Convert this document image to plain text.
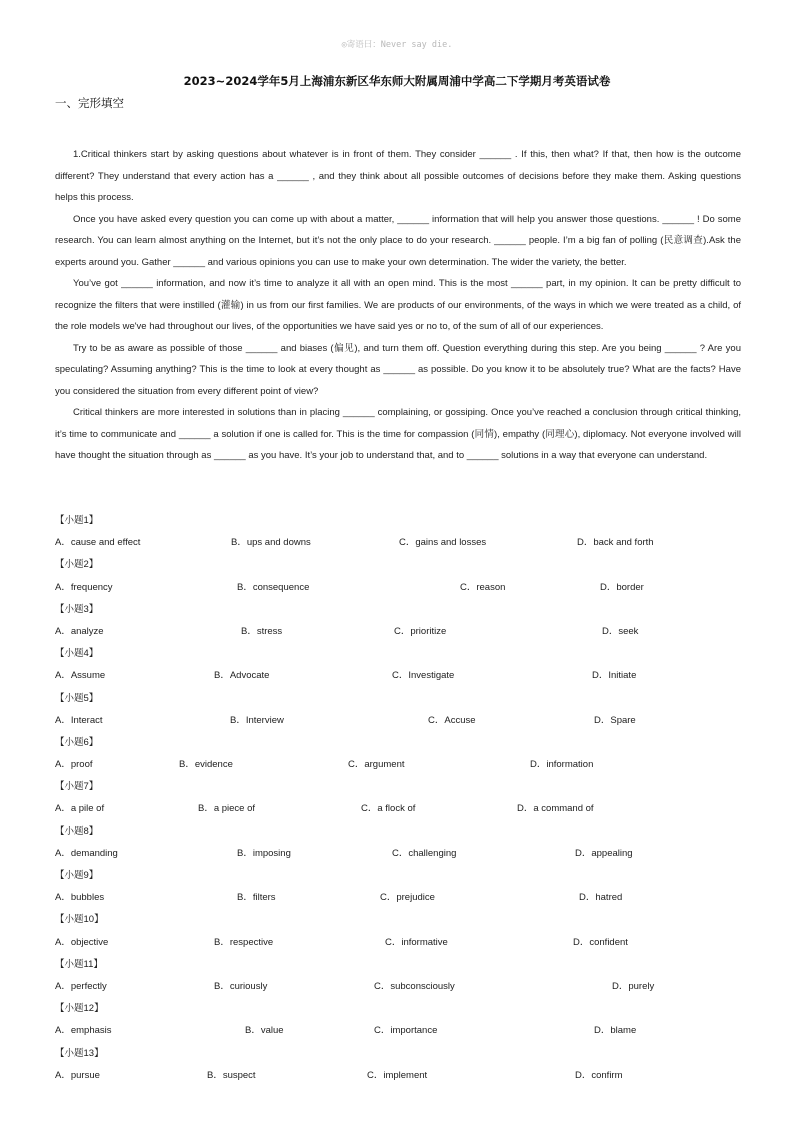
◎寄语曰：Never say die.
2023~2024学年5月上海浦东新区华东师大附属周浦中学高二下学期月考英语试卷
一、完形填空

1.Critical thinkers start by asking questions about whatever is in front of them. They consider ______ . If this, then what? If that, then how is the outcome different? They understand that every action has a ______ , and they think about all possible outcomes of decisions before they make them. Asking questions helps this process.

Once you have asked every question you can come up with about a matter, ______ information that will help you answer those questions. ______ ! Do some research. You can learn almost anything on the Internet, but it’s not the only place to do your research. ______ people. I’m a big fan of polling (民意调查).Ask the experts around you. Gather ______ and various opinions you can use to make your own determination. The wider the variety, the better.

You’ve got ______ information, and now it’s time to analyze it all with an open mind. This is the most ______ part, in my opinion. It can be pretty difficult to recognize the filters that were instilled (灌输) in us from our first families. We are products of our environments, of the ways in which we were treated as a child, of the role models we've had throughout our lives, of the opportunities we have said yes or no to, of the sum of all of our experiences.

Try to be as aware as possible of those ______ and biases (偏见), and turn them off. Question everything during this step. Are you being ______ ? Are you speculating? Assuming anything? This is the time to look at every thought as ______ as possible. Do you know it to be absolutely true? What are the facts? Have you considered the situation from every different point of view?

Critical thinkers are more interested in solutions than in placing ______ complaining, or gossiping. Once you’ve reached a conclusion through critical thinking, it’s time to communicate and ______ a solution if one is called for. This is the time for compassion (同情), empathy (同理心), diplomacy. Not everyone involved will have thought the situation through as ______ as you have. It’s your job to understand that, and to ______ solutions in a way that everyone can understand.

【小题1】
A．cause and effect	B．ups and downs	C．gains and losses	D．back and forth
【小题2】
A．frequency	B．consequence	C．reason	D．border
【小题3】
A．analyze	B．stress	C．prioritize	D．seek
【小题4】
A．Assume	B．Advocate	C．Investigate	D．Initiate
【小题5】
A．Interact	B．Interview	C．Accuse	D．Spare
【小题6】
A．proof	B．evidence	C．argument	D．information
【小题7】
A．a pile of	B．a piece of	C．a flock of	D．a command of
【小题8】
A．demanding	B．imposing	C．challenging	D．appealing
【小题9】
A．bubbles	B．filters	C．prejudice	D．hatred
【小题10】
A．objective	B．respective	C．informative	D．confident
【小题11】
A．perfectly	B．curiously	C．subconsciously	D．purely
【小题12】
A．emphasis	B．value	C．importance	D．blame
【小题13】
A．pursue	B．suspect	C．implement	D．confirm
